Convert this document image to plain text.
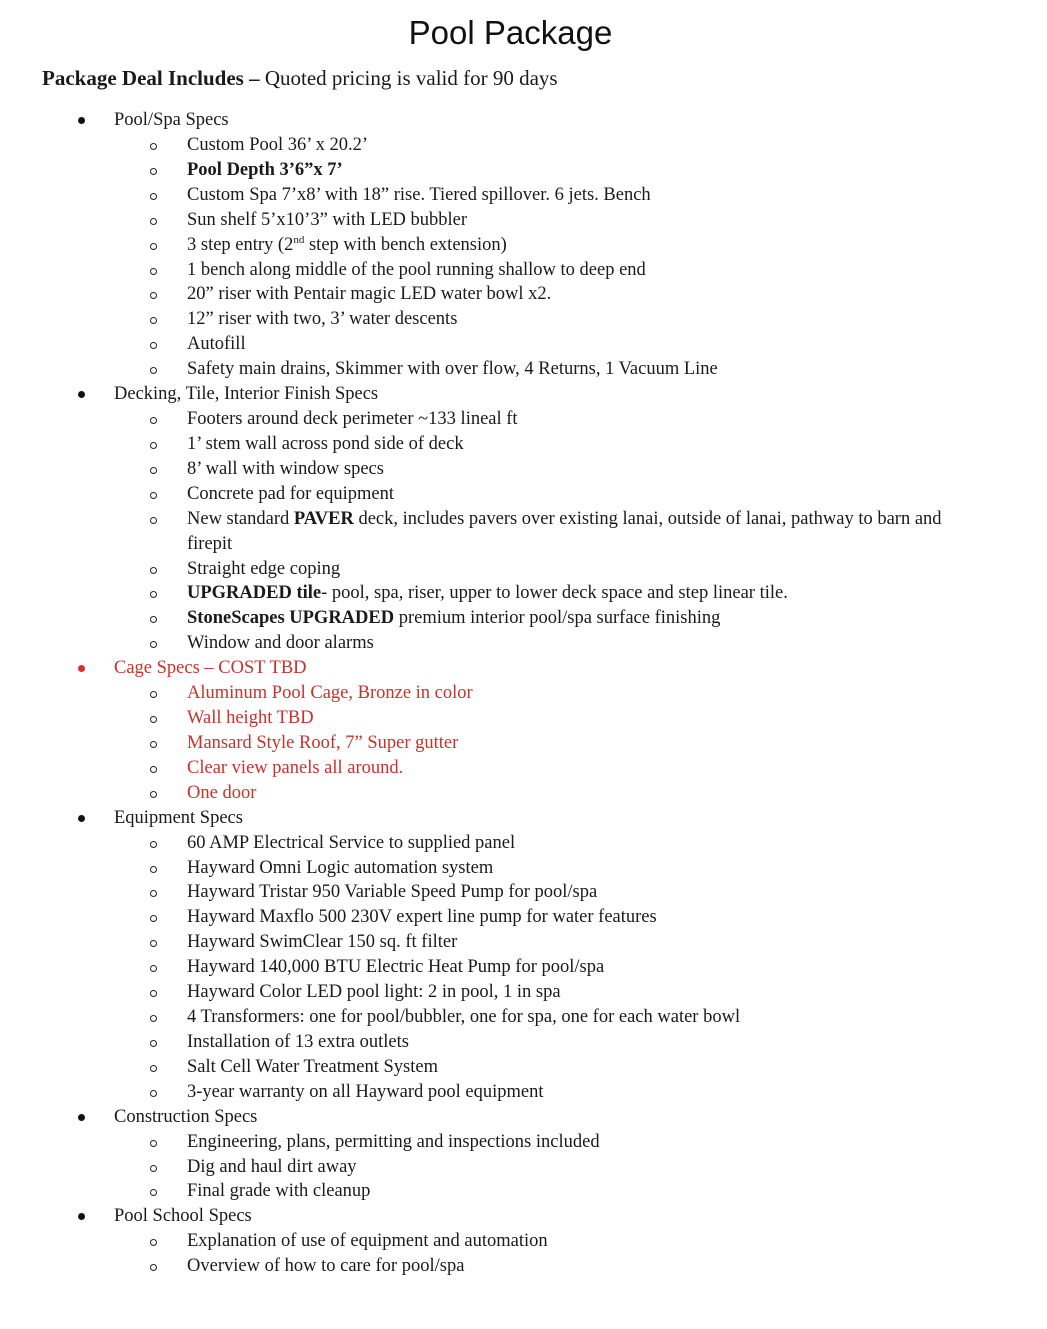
Pool Package
Package Deal Includes – Quoted pricing is valid for 90 days
Pool/Spa Specs
Custom Pool 36’ x 20.2’
Pool Depth 3’6”x 7’
Custom Spa 7’x8’ with 18” rise. Tiered spillover. 6 jets. Bench
Sun shelf 5’x10’3” with LED bubbler
3 step entry (2nd step with bench extension)
1 bench along middle of the pool running shallow to deep end
20” riser with Pentair magic LED water bowl x2.
12” riser with two, 3’ water descents
Autofill
Safety main drains, Skimmer with over flow, 4 Returns, 1 Vacuum Line
Decking, Tile, Interior Finish Specs
Footers around deck perimeter ~133 lineal ft
1’ stem wall across pond side of deck
8’ wall with window specs
Concrete pad for equipment
New standard PAVER deck, includes pavers over existing lanai, outside of lanai, pathway to barn and firepit
Straight edge coping
UPGRADED tile- pool, spa, riser, upper to lower deck space and step linear tile.
StoneScapes UPGRADED premium interior pool/spa surface finishing
Window and door alarms
Cage Specs – COST TBD
Aluminum Pool Cage, Bronze in color
Wall height TBD
Mansard Style Roof, 7” Super gutter
Clear view panels all around.
One door
Equipment Specs
60 AMP Electrical Service to supplied panel
Hayward Omni Logic automation system
Hayward Tristar 950 Variable Speed Pump for pool/spa
Hayward Maxflo 500 230V expert line pump for water features
Hayward SwimClear 150 sq. ft filter
Hayward 140,000 BTU Electric Heat Pump for pool/spa
Hayward Color LED pool light: 2 in pool, 1 in spa
4 Transformers: one for pool/bubbler, one for spa, one for each water bowl
Installation of 13 extra outlets
Salt Cell Water Treatment System
3-year warranty on all Hayward pool equipment
Construction Specs
Engineering, plans, permitting and inspections included
Dig and haul dirt away
Final grade with cleanup
Pool School Specs
Explanation of use of equipment and automation
Overview of how to care for pool/spa
